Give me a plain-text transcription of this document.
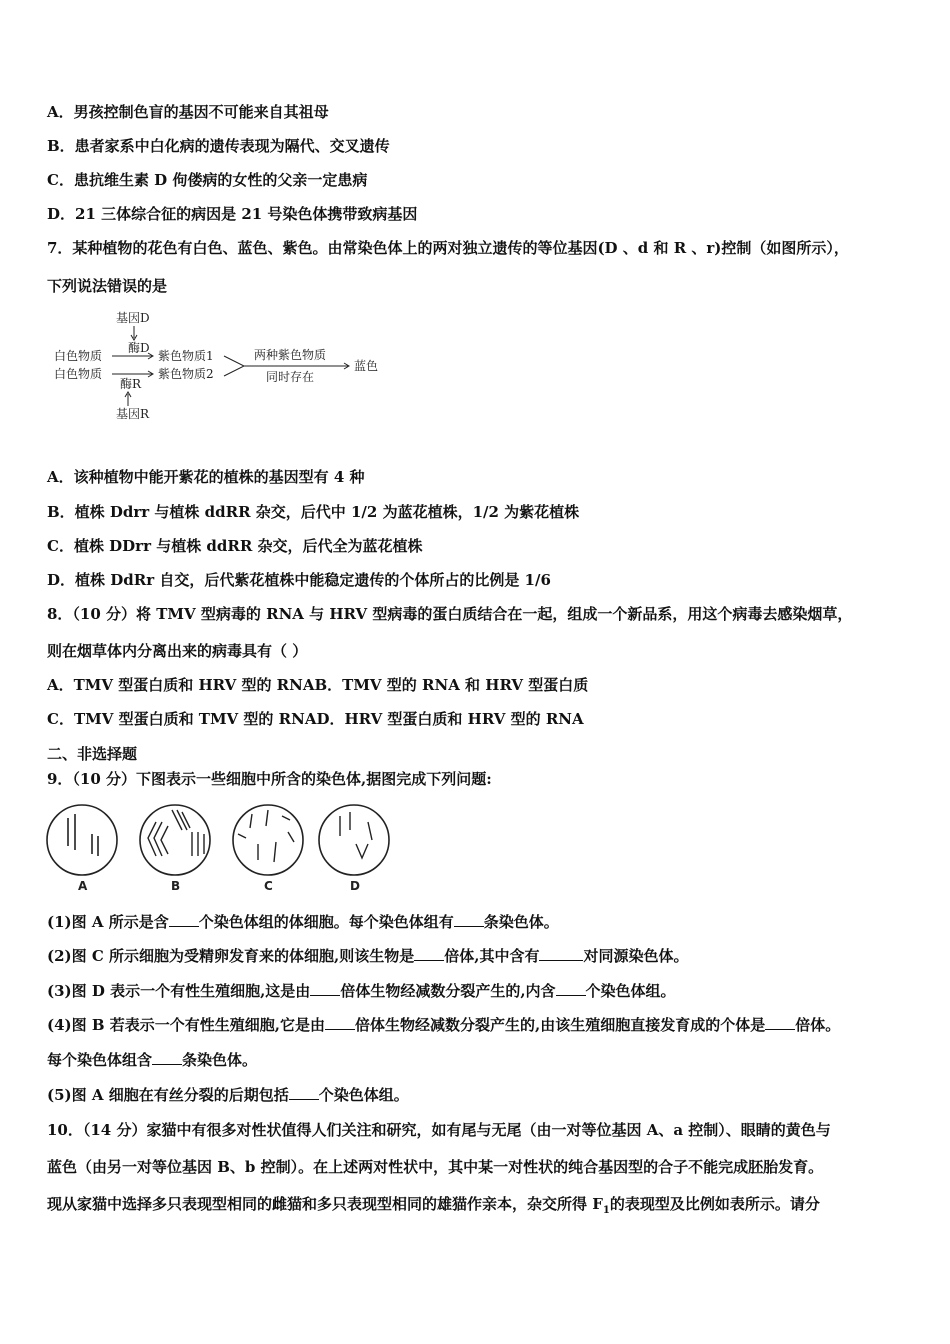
A．男孩控制色盲的基因不可能来自其祖母
B．患者家系中白化病的遗传表现为隔代、交叉遗传
C．患抗维生素 D 佝偻病的女性的父亲一定患病
D．21 三体综合征的病因是 21 号染色体携带致病基因
7．某种植物的花色有白色、蓝色、紫色。由常染色体上的两对独立遗传的等位基因(D 、d 和 R 、r)控制（如图所示），
下列说法错误的是
基因D
酶D
白色物质
白色物质
紫色物质1
紫色物质2
两种紫色物质
同时存在
蓝色
酶R
基因R
A．该种植物中能开紫花的植株的基因型有 4 种
B．植株 Ddrr 与植株 ddRR 杂交，后代中 1/2 为蓝花植株，1/2 为紫花植株
C．植株 DDrr 与植株 ddRR 杂交，后代全为蓝花植株
D．植株 DdRr 自交，后代紫花植株中能稳定遗传的个体所占的比例是 1/6
8．（10 分）将 TMV 型病毒的 RNA 与 HRV 型病毒的蛋白质结合在一起，组成一个新品系，用这个病毒去感染烟草，
则在烟草体内分离出来的病毒具有（ ）
A．TMV 型蛋白质和 HRV 型的 RNAB．TMV 型的 RNA 和 HRV 型蛋白质
C．TMV 型蛋白质和 TMV 型的 RNAD．HRV 型蛋白质和 HRV 型的 RNA
二、非选择题
9．（10 分）下图表示一些细胞中所含的染色体,据图完成下列问题:
A	B	C	D
(1)图 A 所示是含 个染色体组的体细胞。每个染色体组有 条染色体。
(2)图 C 所示细胞为受精卵发育来的体细胞,则该生物是 倍体,其中含有	对同源染色体。
(3)图 D 表示一个有性生殖细胞,这是由 倍体生物经减数分裂产生的,内含 个染色体组。
(4)图 B 若表示一个有性生殖细胞,它是由 倍体生物经减数分裂产生的,由该生殖细胞直接发育成的个体是 倍体。
每个染色体组含 条染色体。
(5)图 A 细胞在有丝分裂的后期包括 个染色体组。
10．（14 分）家猫中有很多对性状值得人们关注和研究，如有尾与无尾（由一对等位基因 A、a 控制）、眼睛的黄色与
蓝色（由另一对等位基因 B、b 控制）。在上述两对性状中，其中某一对性状的纯合基因型的合子不能完成胚胎发育。
现从家猫中选择多只表现型相同的雌猫和多只表现型相同的雄猫作亲本，杂交所得 $F_1$的表现型及比例如表所示。请分
